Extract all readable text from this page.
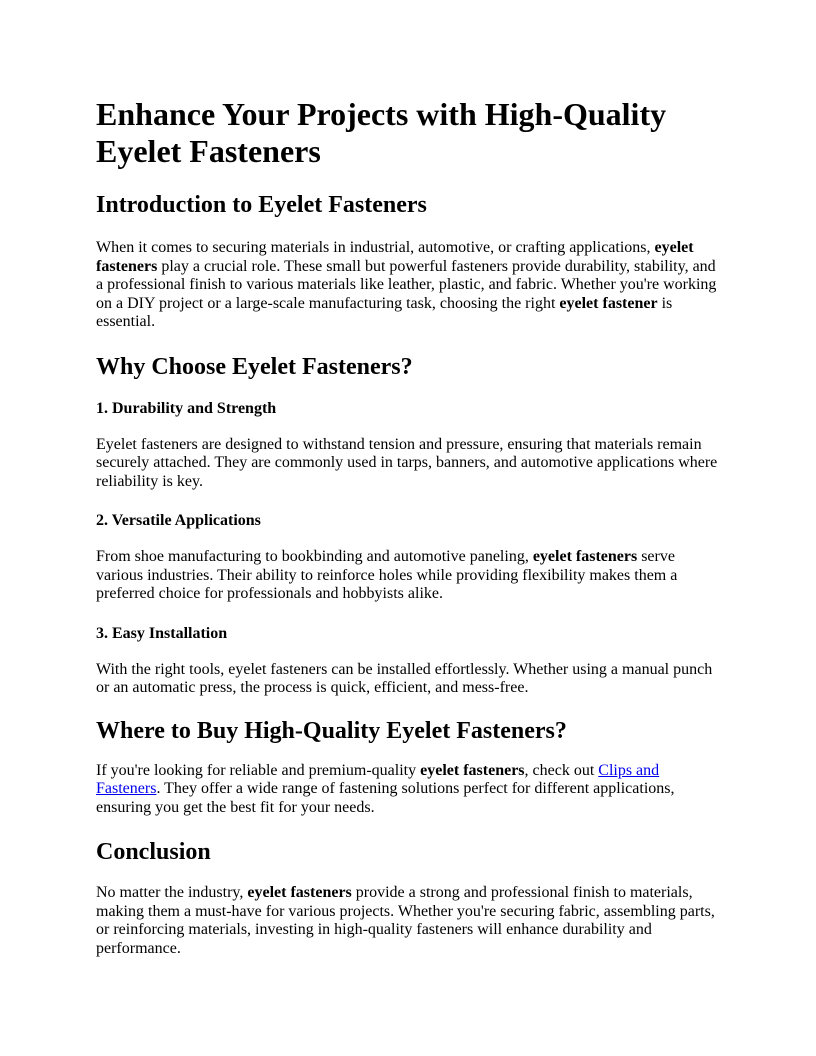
Enhance Your Projects with High-Quality Eyelet Fasteners
Introduction to Eyelet Fasteners

When it comes to securing materials in industrial, automotive, or crafting applications, eyelet fasteners play a crucial role. These small but powerful fasteners provide durability, stability, and a professional finish to various materials like leather, plastic, and fabric. Whether you're working on a DIY project or a large-scale manufacturing task, choosing the right eyelet fastener is essential.

Why Choose Eyelet Fasteners?
1. Durability and Strength

Eyelet fasteners are designed to withstand tension and pressure, ensuring that materials remain securely attached. They are commonly used in tarps, banners, and automotive applications where reliability is key.

2. Versatile Applications

From shoe manufacturing to bookbinding and automotive paneling, eyelet fasteners serve various industries. Their ability to reinforce holes while providing flexibility makes them a preferred choice for professionals and hobbyists alike.

3. Easy Installation

With the right tools, eyelet fasteners can be installed effortlessly. Whether using a manual punch or an automatic press, the process is quick, efficient, and mess-free.

Where to Buy High-Quality Eyelet Fasteners?

If you're looking for reliable and premium-quality eyelet fasteners, check out Clips and Fasteners. They offer a wide range of fastening solutions perfect for different applications, ensuring you get the best fit for your needs.

Conclusion

No matter the industry, eyelet fasteners provide a strong and professional finish to materials, making them a must-have for various projects. Whether you're securing fabric, assembling parts, or reinforcing materials, investing in high-quality fasteners will enhance durability and performance.
